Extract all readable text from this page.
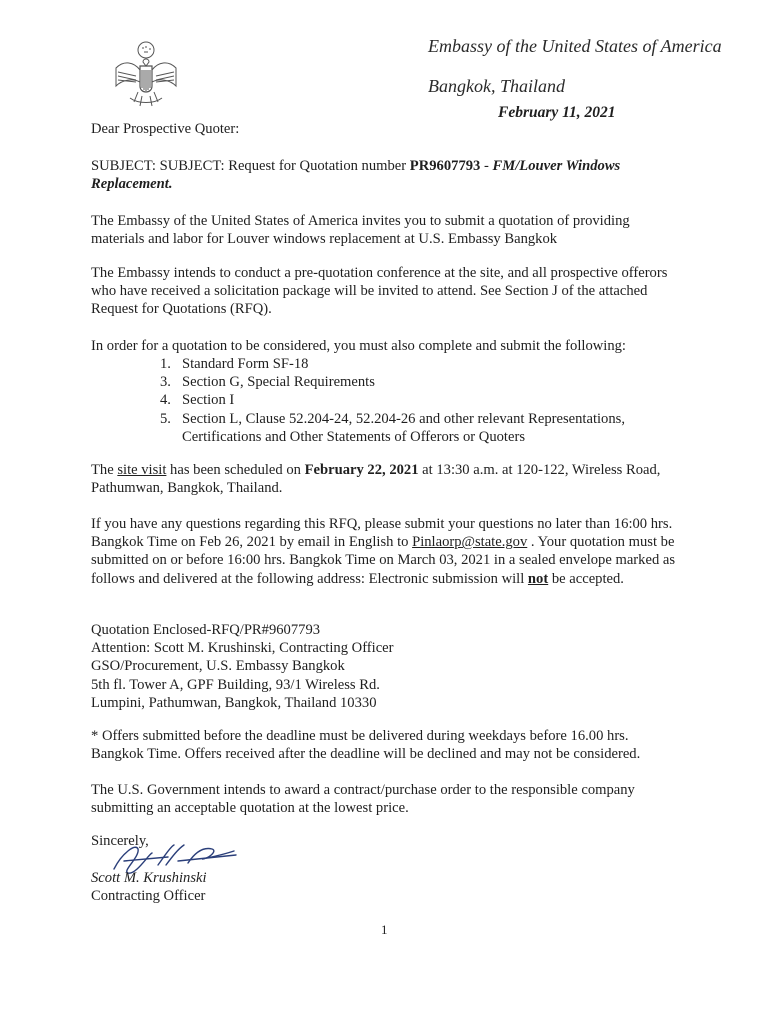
Embassy of the United States of America
Bangkok, Thailand
February 11, 2021

Dear Prospective Quoter:

SUBJECT: SUBJECT: Request for Quotation number PR9607793 - FM/Louver Windows Replacement.

The Embassy of the United States of America invites you to submit a quotation of providing materials and labor for Louver windows replacement at U.S. Embassy Bangkok

The Embassy intends to conduct a pre-quotation conference at the site, and all prospective offerors who have received a solicitation package will be invited to attend. See Section J of the attached Request for Quotations (RFQ).

In order for a quotation to be considered, you must also complete and submit the following:

1. Standard Form SF-18
3. Section G, Special Requirements
4. Section I
5. Section L, Clause 52.204-24, 52.204-26 and other relevant Representations, Certifications and Other Statements of Offerors or Quoters

The site visit has been scheduled on February 22, 2021 at 13:30 a.m. at 120-122, Wireless Road, Pathumwan, Bangkok, Thailand.

If you have any questions regarding this RFQ, please submit your questions no later than 16:00 hrs. Bangkok Time on Feb 26, 2021 by email in English to Pinlaorp@state.gov . Your quotation must be submitted on or before 16:00 hrs. Bangkok Time on March 03, 2021 in a sealed envelope marked as follows and delivered at the following address: Electronic submission will not be accepted.

Quotation Enclosed-RFQ/PR#9607793
Attention: Scott M. Krushinski, Contracting Officer
GSO/Procurement, U.S. Embassy Bangkok
5th fl. Tower A, GPF Building, 93/1 Wireless Rd.
Lumpini, Pathumwan, Bangkok, Thailand 10330

* Offers submitted before the deadline must be delivered during weekdays before 16.00 hrs. Bangkok Time. Offers received after the deadline will be declined and may not be considered.

The U.S. Government intends to award a contract/purchase order to the responsible company submitting an acceptable quotation at the lowest price.

Sincerely,
Scott M. Krushinski
Contracting Officer
1
